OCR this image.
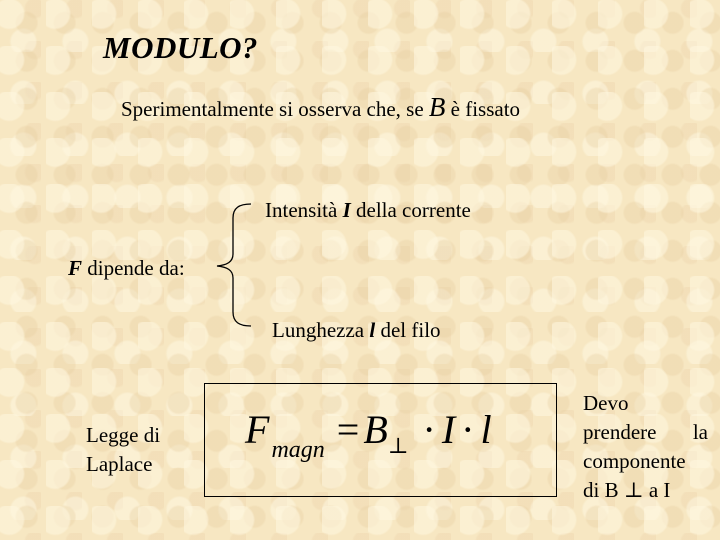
MODULO?
Sperimentalmente si osserva che, se B è fissato
Intensità I della corrente
F dipende da:
Lunghezza l del filo
Legge di
Laplace
$F_{magn} = B_\perp \cdot I \cdot l$
Devo
prendere la
componente
di B ⊥ a I
